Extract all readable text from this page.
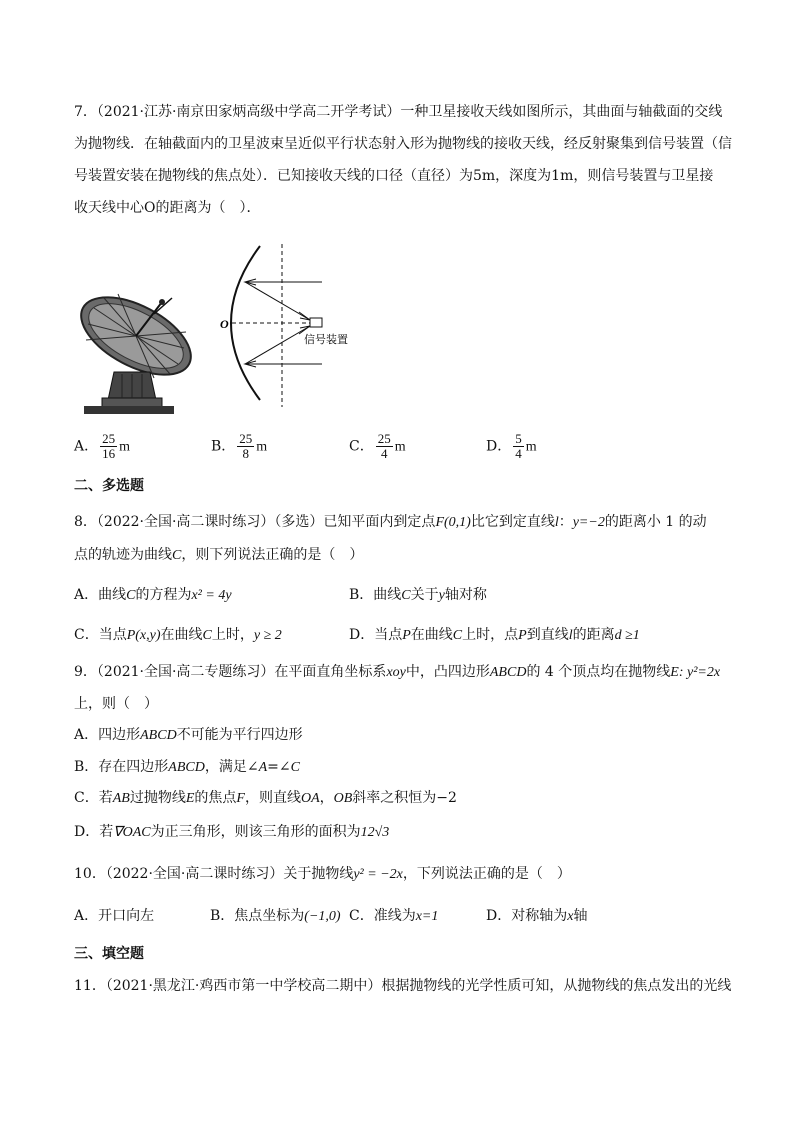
7．（2021·江苏·南京田家炳高级中学高二开学考试）一种卫星接收天线如图所示，其曲面与轴截面的交线
为抛物线．在轴截面内的卫星波束呈近似平行状态射入形为抛物线的接收天线，经反射聚集到信号装置（信
号装置安装在抛物线的焦点处）．已知接收天线的口径（直径）为5m，深度为1m，则信号装置与卫星接
收天线中心O的距离为（　）．
O
信号装置
A． $\frac{25}{16}$ m	B． $\frac{25}{8}$ m	C． $\frac{25}{4}$ m	D． $\frac{5}{4}$ m
二、多选题
8．（2022·全国·高二课时练习）（多选）已知平面内到定点F(0,1)比它到定直线l：y=−2的距离小 1 的动
点的轨迹为曲线C，则下列说法正确的是（　）
A．曲线C的方程为x² = 4y	B．曲线C关于y轴对称
C．当点P(x,y)在曲线C上时，y ≥ 2	D．当点P在曲线C上时，点P到直线l的距离d ≥1
9．（2021·全国·高二专题练习）在平面直角坐标系xoy中，凸四边形ABCD的 4 个顶点均在抛物线E: y²=2x
上，则（　）
A．四边形ABCD不可能为平行四边形
B．存在四边形ABCD，满足∠A=∠C
C．若AB过抛物线E的焦点F，则直线OA，OB斜率之积恒为−2
D．若∇OAC为正三角形，则该三角形的面积为12√3
10．（2022·全国·高二课时练习）关于抛物线y² = −2x，下列说法正确的是（　）
A．开口向左	B．焦点坐标为(−1,0) C．准线为x=1	D．对称轴为x轴
三、填空题
11．（2021·黑龙江·鸡西市第一中学校高二期中）根据抛物线的光学性质可知，从抛物线的焦点发出的光线
